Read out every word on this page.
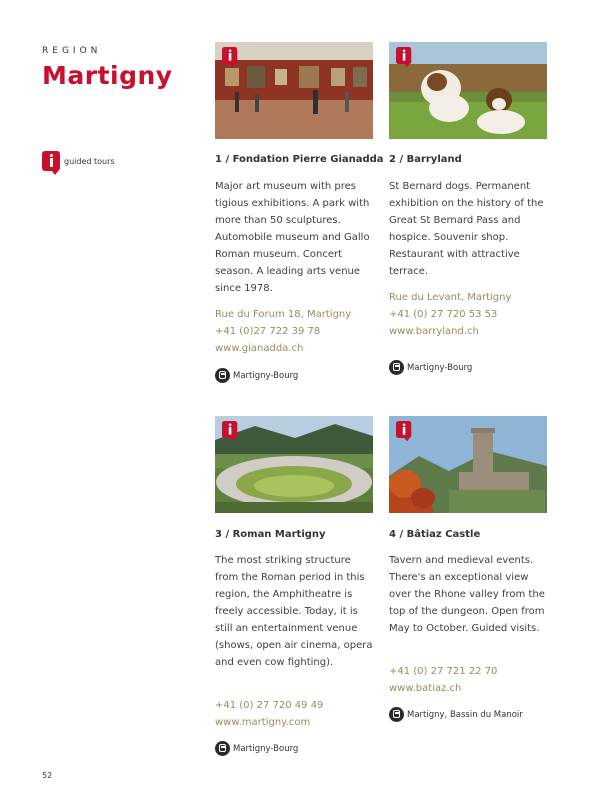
REGION
Martigny
guided tours	1 / Fondation Pierre Gianadda
Major art museum with pres tigious exhibitions. A park with more than 50 sculptures. Automobile museum and Gallo Roman museum. Concert season. A leading arts venue since 1978.
Rue du Forum 18, Martigny
+41 (0)27 722 39 78
www.gianadda.ch
Martigny-Bourg
2 / Barryland
St Bernard dogs. Permanent exhibition on the history of the Great St Bernard Pass and hospice. Souvenir shop. Restaurant with attractive terrace.
Rue du Levant, Martigny
+41 (0) 27 720 53 53
www.barryland.ch
Martigny-Bourg
3 / Roman Martigny
The most striking structure from the Roman period in this region, the Amphitheatre is freely accessible. Today, it is still an entertainment venue (shows, open air cinema, opera and even cow fighting).
+41 (0) 27 720 49 49
www.martigny.com
Martigny-Bourg
4 / Bâtiaz Castle
Tavern and medieval events. There's an exceptional view over the Rhone valley from the top of the dungeon. Open from May to October. Guided visits.
+41 (0) 27 721 22 70
www.batiaz.ch
Martigny, Bassin du Manoir
52
